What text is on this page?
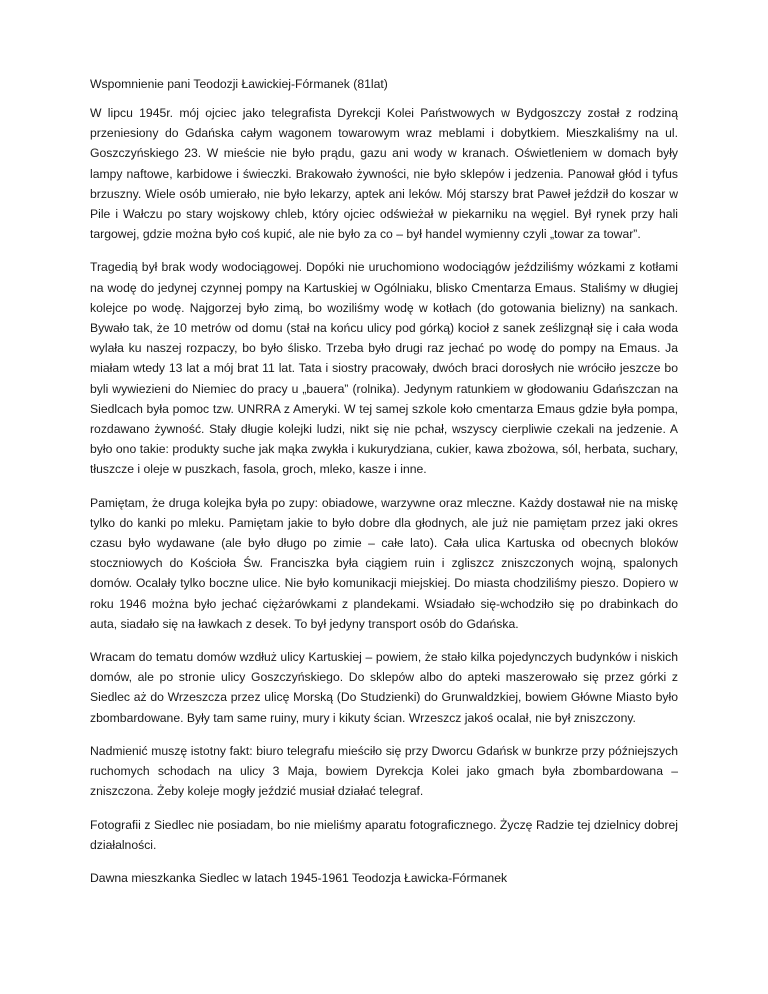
Wspomnienie pani Teodozji Ławickiej-Fórmanek (81lat)

W lipcu 1945r. mój ojciec jako telegrafista Dyrekcji Kolei Państwowych w Bydgoszczy został z rodziną przeniesiony do Gdańska całym wagonem towarowym wraz meblami i dobytkiem. Mieszkaliśmy na ul. Goszczyńskiego 23. W mieście nie było prądu, gazu ani wody w kranach. Oświetleniem w domach były lampy naftowe, karbidowe i świeczki. Brakowało żywności, nie było sklepów i jedzenia. Panował głód i tyfus brzuszny. Wiele osób umierało, nie było lekarzy, aptek ani leków. Mój starszy brat Paweł jeździł do koszar w Pile i Wałczu po stary wojskowy chleb, który ojciec odświeżał w piekarniku na węgiel. Był rynek przy hali targowej, gdzie można było coś kupić, ale nie było za co – był handel wymienny czyli „towar za towar”.

Tragedią był brak wody wodociągowej. Dopóki nie uruchomiono wodociągów jeździliśmy wózkami z kotłami na wodę do jedynej czynnej pompy na Kartuskiej w Ogólniaku, blisko Cmentarza Emaus. Staliśmy w długiej kolejce po wodę. Najgorzej było zimą, bo woziliśmy wodę w kotłach (do gotowania bielizny) na sankach. Bywało tak, że 10 metrów od domu (stał na końcu ulicy pod górką) kocioł z sanek ześlizgnął się i cała woda wylała ku naszej rozpaczy, bo było ślisko. Trzeba było drugi raz jechać po wodę do pompy na Emaus. Ja miałam wtedy 13 lat a mój brat 11 lat. Tata i siostry pracowały, dwóch braci dorosłych nie wróciło jeszcze bo byli wywiezieni do Niemiec do pracy u „bauera” (rolnika). Jedynym ratunkiem w głodowaniu Gdańszczan na Siedlcach była pomoc tzw. UNRRA z Ameryki. W tej samej szkole koło cmentarza Emaus gdzie była pompa, rozdawano żywność. Stały długie kolejki ludzi, nikt się nie pchał, wszyscy cierpliwie czekali na jedzenie. A było ono takie: produkty suche jak mąka zwykła i kukurydziana, cukier, kawa zbożowa, sól, herbata, suchary, tłuszcze i oleje w puszkach, fasola, groch, mleko, kasze i inne.

Pamiętam, że druga kolejka była po zupy: obiadowe, warzywne oraz mleczne. Każdy dostawał nie na miskę tylko do kanki po mleku. Pamiętam jakie to było dobre dla głodnych, ale już nie pamiętam przez jaki okres czasu było wydawane (ale było długo po zimie – całe lato). Cała ulica Kartuska od obecnych bloków stoczniowych do Kościoła Św. Franciszka była ciągiem ruin i zgliszcz zniszczonych wojną, spalonych domów. Ocalały tylko boczne ulice. Nie było komunikacji miejskiej. Do miasta chodziliśmy pieszo. Dopiero w roku 1946 można było jechać ciężarówkami z plandekami. Wsiadało się-wchodziło się po drabinkach do auta, siadało się na ławkach z desek. To był jedyny transport osób do Gdańska.

Wracam do tematu domów wzdłuż ulicy Kartuskiej – powiem, że stało kilka pojedynczych budynków i niskich domów, ale po stronie ulicy Goszczyńskiego. Do sklepów albo do apteki maszerowało się przez górki z Siedlec aż do Wrzeszcza przez ulicę Morską (Do Studzienki) do Grunwaldzkiej, bowiem Główne Miasto było zbombardowane. Były tam same ruiny, mury i kikuty ścian. Wrzeszcz jakoś ocalał, nie był zniszczony.

Nadmienić muszę istotny fakt: biuro telegrafu mieściło się przy Dworcu Gdańsk w bunkrze przy późniejszych ruchomych schodach na ulicy 3 Maja, bowiem Dyrekcja Kolei jako gmach była zbombardowana – zniszczona. Żeby koleje mogły jeździć musiał działać telegraf.

Fotografii z Siedlec nie posiadam, bo nie mieliśmy aparatu fotograficznego. Życzę Radzie tej dzielnicy dobrej działalności.

Dawna mieszkanka Siedlec w latach 1945-1961 Teodozja Ławicka-Fórmanek
